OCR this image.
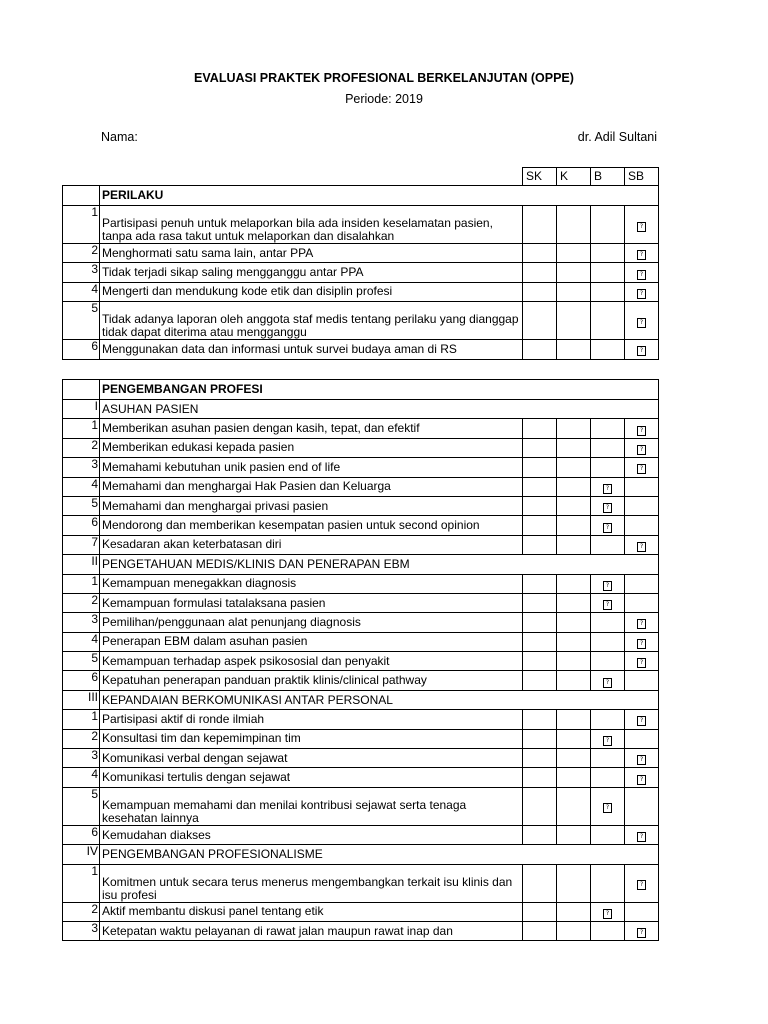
EVALUASI PRAKTEK PROFESIONAL BERKELANJUTAN (OPPE)
Periode: 2019
Nama:	dr. Adil Sultani
SK	K	B	SB
	PERILAKU				
1	Partisipasi penuh untuk melaporkan bila ada insiden keselamatan pasien, tanpa ada rasa takut untuk melaporkan dan disalahkan				?
2	Menghormati satu sama lain, antar PPA				?
3	Tidak terjadi sikap saling mengganggu antar PPA				?
4	Mengerti dan mendukung kode etik dan disiplin profesi				?
5	Tidak adanya laporan oleh anggota staf medis tentang perilaku yang dianggap tidak dapat diterima atau mengganggu				?
6	Menggunakan data dan informasi untuk survei budaya aman di RS				?
	PENGEMBANGAN PROFESI				
I	ASUHAN PASIEN				
1	Memberikan asuhan pasien dengan kasih, tepat, dan efektif				?
2	Memberikan edukasi kepada pasien				?
3	Memahami kebutuhan unik pasien end of life				?
4	Memahami dan menghargai Hak Pasien dan Keluarga			?	
5	Memahami dan menghargai privasi pasien			?	
6	Mendorong dan memberikan kesempatan pasien untuk second opinion			?	
7	Kesadaran akan keterbatasan diri				?
II	PENGETAHUAN MEDIS/KLINIS DAN PENERAPAN EBM				
1	Kemampuan menegakkan diagnosis			?	
2	Kemampuan formulasi tatalaksana pasien			?	
3	Pemilihan/penggunaan alat penunjang diagnosis				?
4	Penerapan EBM dalam asuhan pasien				?
5	Kemampuan terhadap aspek psikososial dan penyakit				?
6	Kepatuhan penerapan panduan praktik klinis/clinical pathway			?	
III	KEPANDAIAN BERKOMUNIKASI ANTAR PERSONAL				
1	Partisipasi aktif di ronde ilmiah				?
2	Konsultasi tim dan kepemimpinan tim			?	
3	Komunikasi verbal dengan sejawat				?
4	Komunikasi tertulis dengan sejawat				?
5	Kemampuan memahami dan menilai kontribusi sejawat serta tenaga kesehatan lainnya			?	
6	Kemudahan diakses				?
IV	PENGEMBANGAN PROFESIONALISME				
1	Komitmen untuk secara terus menerus mengembangkan terkait isu klinis dan isu profesi				?
2	Aktif membantu diskusi panel tentang etik			?	
3	Ketepatan waktu pelayanan di rawat jalan maupun rawat inap dan				?
